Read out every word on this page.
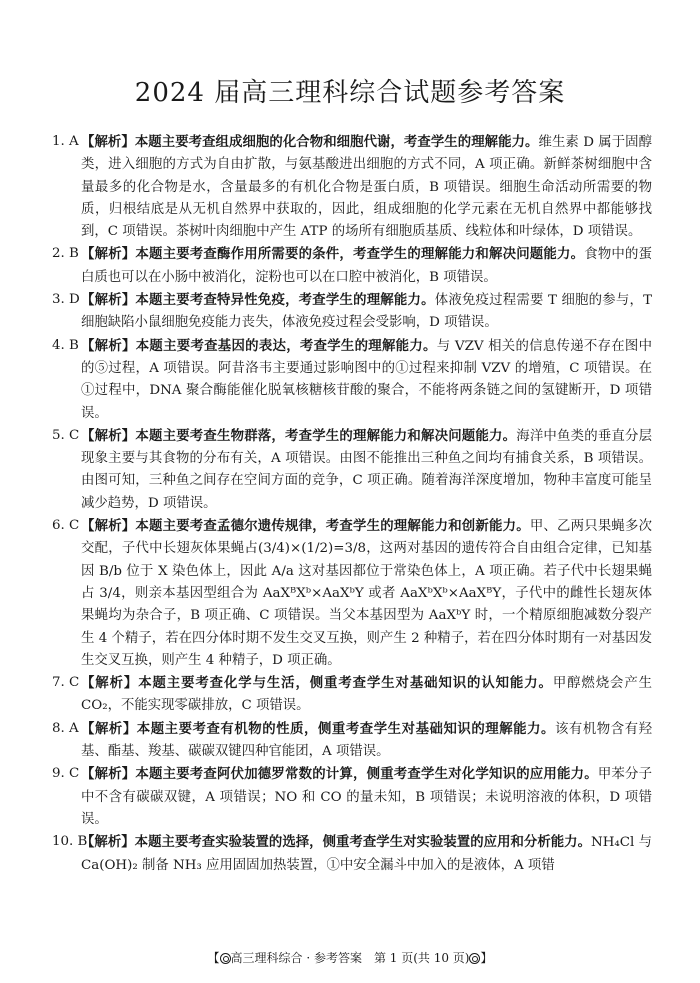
2024 届高三理科综合试题参考答案
1. A 【解析】本题主要考查组成细胞的化合物和细胞代谢，考查学生的理解能力。维生素 D 属于固醇类，进入细胞的方式为自由扩散，与氨基酸进出细胞的方式不同，A 项正确。新鲜茶树细胞中含量最多的化合物是水，含量最多的有机化合物是蛋白质，B 项错误。细胞生命活动所需要的物质，归根结底是从无机自然界中获取的，因此，组成细胞的化学元素在无机自然界中都能够找到，C 项错误。茶树叶肉细胞中产生 ATP 的场所有细胞质基质、线粒体和叶绿体，D 项错误。
2. B 【解析】本题主要考查酶作用所需要的条件，考查学生的理解能力和解决问题能力。食物中的蛋白质也可以在小肠中被消化，淀粉也可以在口腔中被消化，B 项错误。
3. D 【解析】本题主要考查特异性免疫，考查学生的理解能力。体液免疫过程需要 T 细胞的参与，T 细胞缺陷小鼠细胞免疫能力丧失，体液免疫过程会受影响，D 项错误。
4. B 【解析】本题主要考查基因的表达，考查学生的理解能力。与 VZV 相关的信息传递不存在图中的⑤过程，A 项错误。阿昔洛韦主要通过影响图中的①过程来抑制 VZV 的增殖，C 项错误。在①过程中，DNA 聚合酶能催化脱氧核糖核苷酸的聚合，不能将两条链之间的氢键断开，D 项错误。
5. C 【解析】本题主要考查生物群落，考查学生的理解能力和解决问题能力。海洋中鱼类的垂直分层现象主要与其食物的分布有关，A 项错误。由图不能推出三种鱼之间均有捕食关系，B 项错误。由图可知，三种鱼之间存在空间方面的竞争，C 项正确。随着海洋深度增加，物种丰富度可能呈减少趋势，D 项错误。
6. C 【解析】本题主要考查孟德尔遗传规律，考查学生的理解能力和创新能力。甲、乙两只果蝇多次交配，子代中长翅灰体果蝇占(3/4)×(1/2)=3/8，这两对基因的遗传符合自由组合定律，已知基因 B/b 位于 X 染色体上，因此 A/a 这对基因都位于常染色体上，A 项正确。若子代中长翅果蝇占 3/4，则亲本基因型组合为 AaXᴮXᵇ×AaXᵇY 或者 AaXᵇXᵇ×AaXᴮY，子代中的雌性长翅灰体果蝇均为杂合子，B 项正确、C 项错误。当父本基因型为 AaXᵇY 时，一个精原细胞减数分裂产生 4 个精子，若在四分体时期不发生交叉互换，则产生 2 种精子，若在四分体时期有一对基因发生交叉互换，则产生 4 种精子，D 项正确。
7. C 【解析】本题主要考查化学与生活，侧重考查学生对基础知识的认知能力。甲醇燃烧会产生 CO₂，不能实现零碳排放，C 项错误。
8. A 【解析】本题主要考查有机物的性质，侧重考查学生对基础知识的理解能力。该有机物含有羟基、酯基、羧基、碳碳双键四种官能团，A 项错误。
9. C 【解析】本题主要考查阿伏加德罗常数的计算，侧重考查学生对化学知识的应用能力。甲苯分子中不含有碳碳双键，A 项错误；NO 和 CO 的量未知，B 项错误；未说明溶液的体积，D 项错误。
10. B
【解析】本题主要考查实验装置的选择，侧重考查学生对实验装置的应用和分析能力。NH₄Cl 与 Ca(OH)₂ 制备 NH₃ 应用固固加热装置，①中安全漏斗中加入的是液体，A 项错
【 高三理科综合 · 参考答案　第 1 页(共 10 页) 】
